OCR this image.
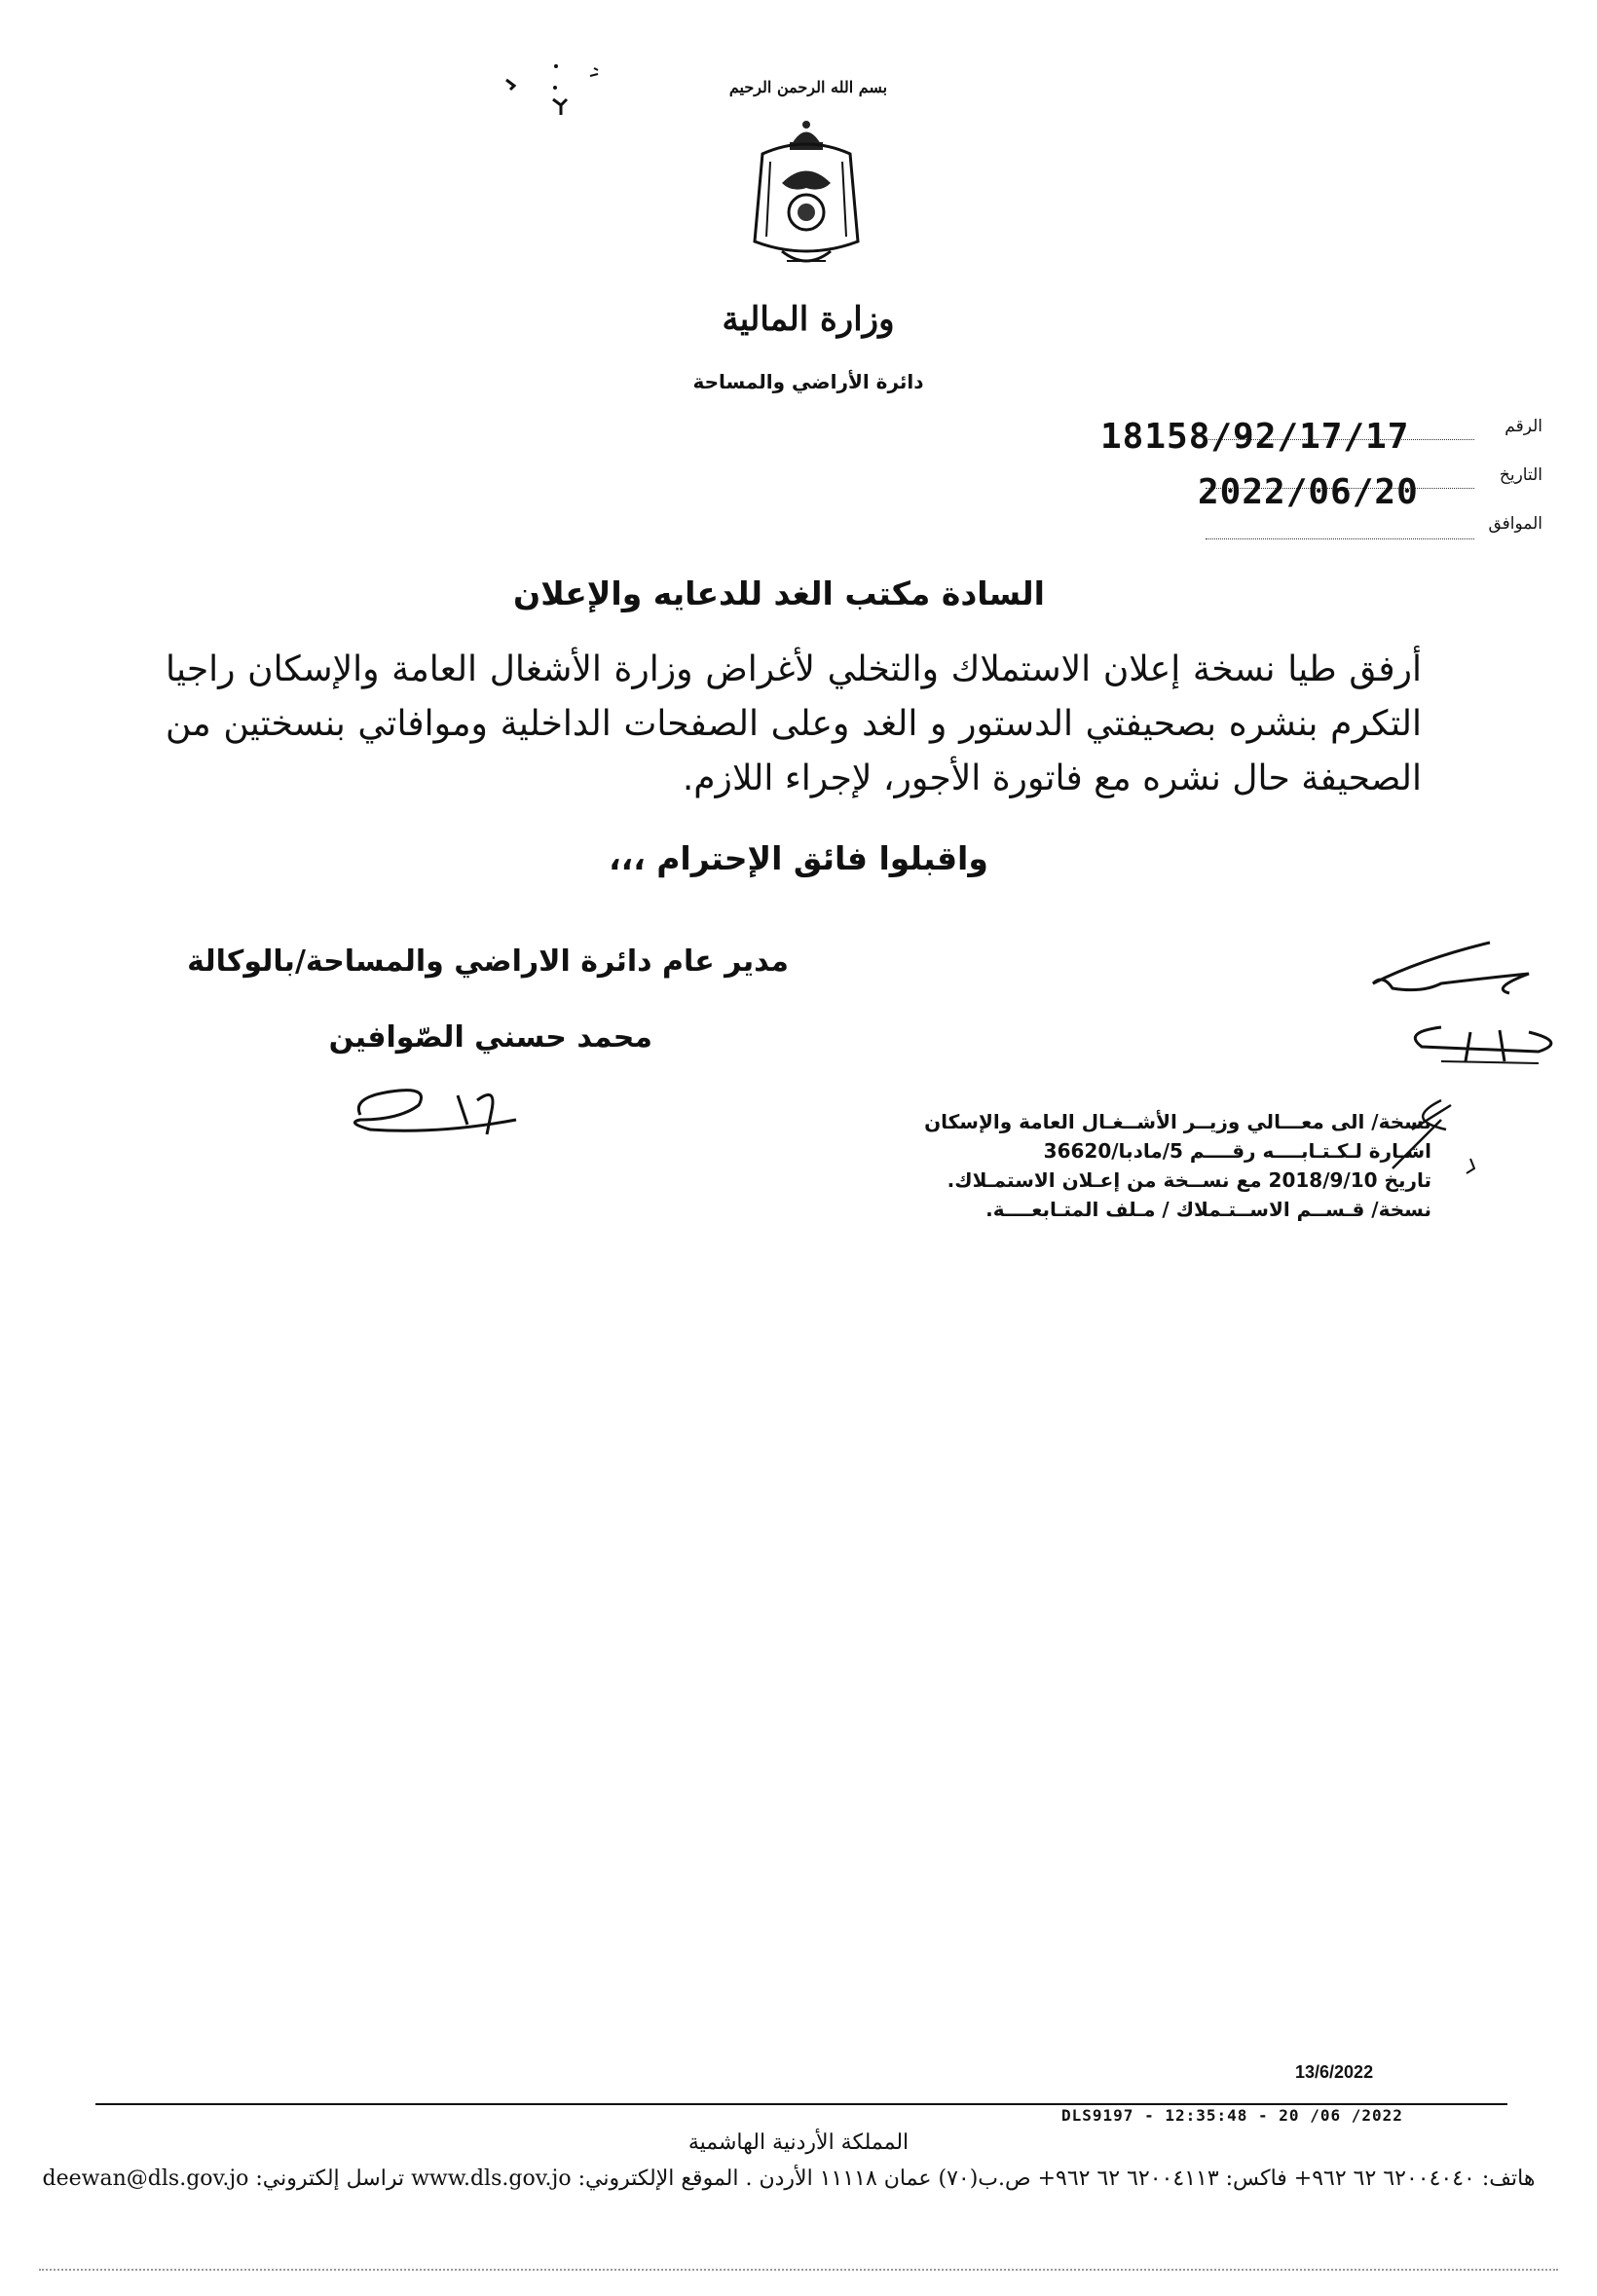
بسم الله الرحمن الرحيم
وزارة المالية
دائرة الأراضي والمساحة
الرقم
18158/92/17/17
التاريخ
2022/06/20
الموافق
السادة مكتب الغد للدعايه والإعلان
أرفق طيا نسخة إعلان الاستملاك والتخلي لأغراض وزارة الأشغال العامة والإسكان راجيا التكرم بنشره بصحيفتي الدستور و الغد وعلى الصفحات الداخلية وموافاتي بنسختين من الصحيفة حال نشره مع فاتورة الأجور، لإجراء اللازم.
واقبلوا فائق الإحترام ،،،
مدير عام دائرة الاراضي والمساحة/بالوكالة
محمد حسني الصّوافين
نسخة/ الى معـــالي وزيــر الأشــغـال العامة والإسكان
اشـارة لـكـتـابــــه رقــــم 5/مادبا/36620
تاريخ 2018/9/10 مع نســخة من إعـلان الاستمـلاك.
نسخة/ قـســم الاســتـملاك / مـلف المتـابعــــة.
13/6/2022
DLS9197 - 12:35:48 - 20 /06 /2022
المملكة الأردنية الهاشمية
هاتف: ٦٢٠٠٤٠٤٠ ٦٢ ٩٦٢+ فاكس: ٦٢٠٠٤١١٣ ٦٢ ٩٦٢+ ص.ب(٧٠) عمان ١١١١٨ الأردن . الموقع الإلكتروني: www.dls.gov.jo تراسل إلكتروني: deewan@dls.gov.jo
